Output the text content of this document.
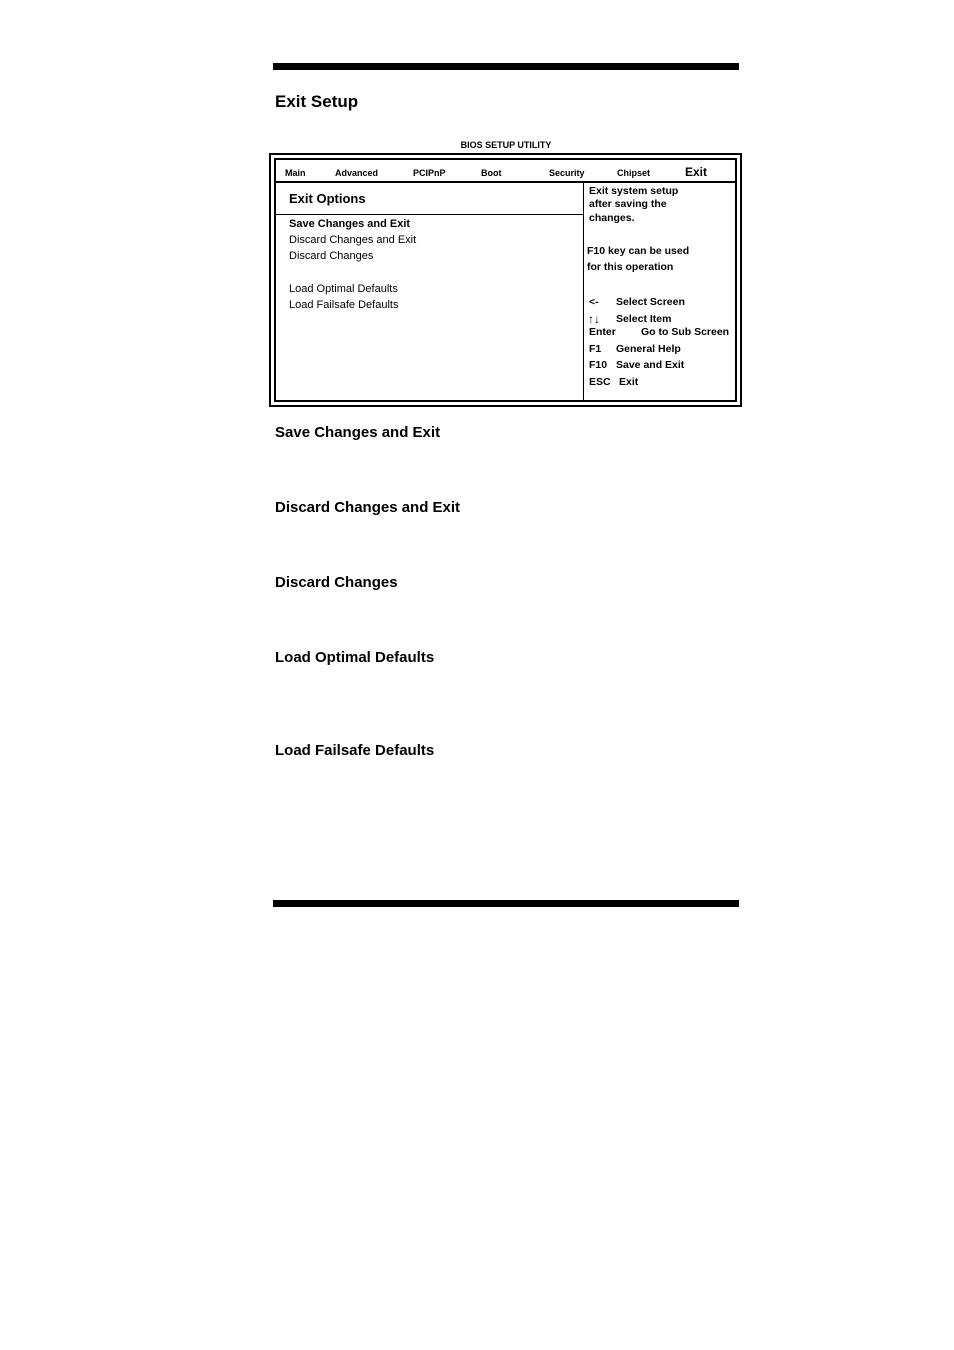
Exit Setup
BIOS SETUP UTILITY
Main	Advanced	PCIPnP	Boot	Security	Chipset	Exit
Exit Options
Save Changes and Exit
Discard Changes and Exit
Discard Changes
Load Optimal Defaults
Load Failsafe Defaults
Exit system setup
after saving the
changes.
F10 key can be used
for this operation
<- Select Screen
↑↓ Select Item
Enter Go to Sub Screen
F1 General Help
F10 Save and Exit
ESC Exit
Save Changes and Exit
Discard Changes and Exit
Discard Changes
Load Optimal Defaults
Load Failsafe Defaults
